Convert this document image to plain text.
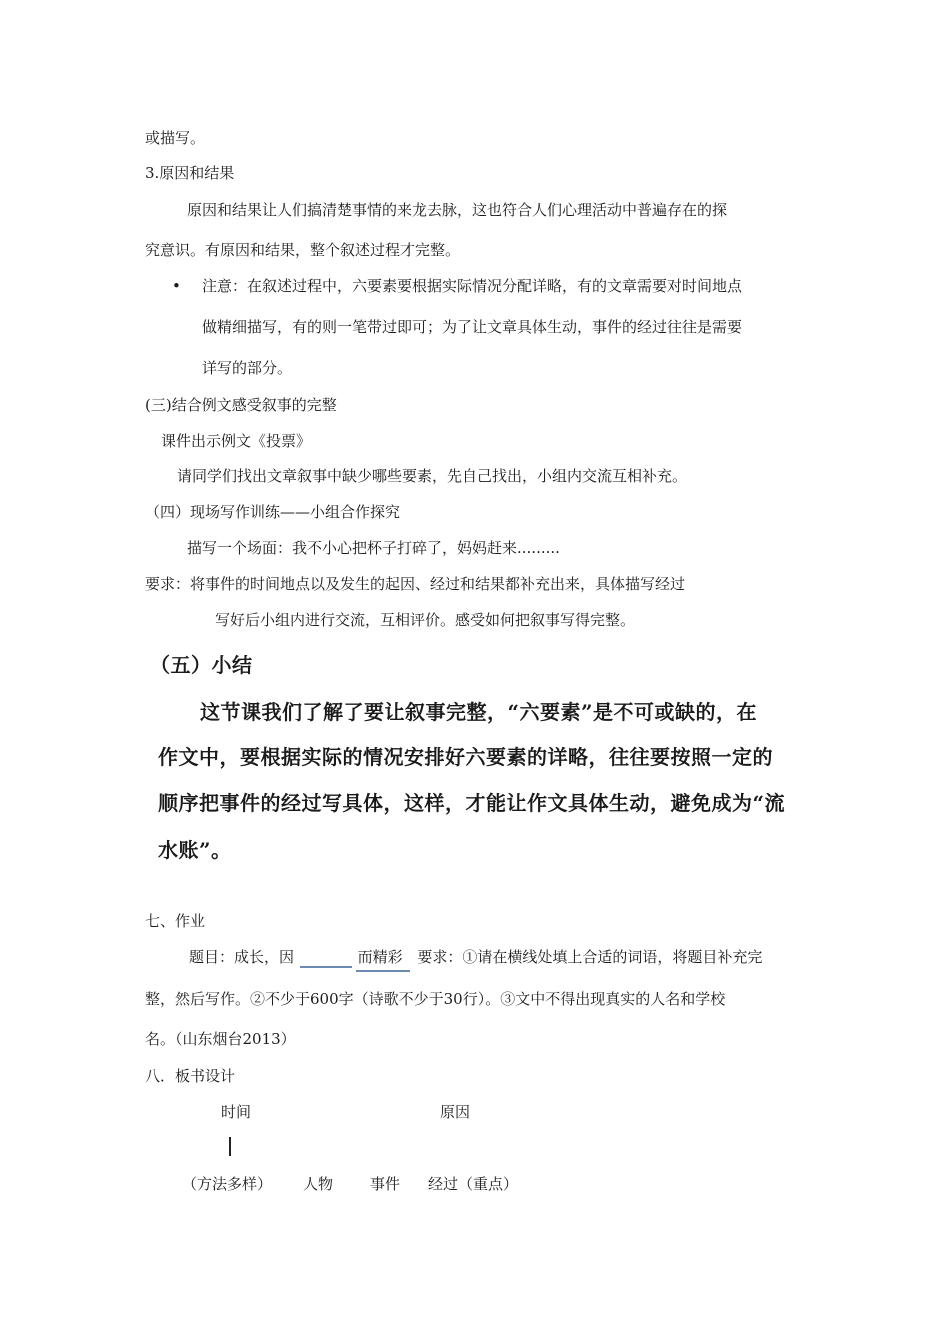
或描写。
3.原因和结果
原因和结果让人们搞清楚事情的来龙去脉，这也符合人们心理活动中普遍存在的探
究意识。有原因和结果，整个叙述过程才完整。
• 注意：在叙述过程中，六要素要根据实际情况分配详略，有的文章需要对时间地点
做精细描写，有的则一笔带过即可；为了让文章具体生动，事件的经过往往是需要
详写的部分。
(三)结合例文感受叙事的完整
课件出示例文《投票》
请同学们找出文章叙事中缺少哪些要素，先自己找出，小组内交流互相补充。
（四）现场写作训练——小组合作探究
描写一个场面：我不小心把杯子打碎了，妈妈赶来.........
要求：将事件的时间地点以及发生的起因、经过和结果都补充出来，具体描写经过
写好后小组内进行交流，互相评价。感受如何把叙事写得完整。
（五）小结
这节课我们了解了要让叙事完整，“六要素”是不可或缺的，在
作文中，要根据实际的情况安排好六要素的详略，往往要按照一定的
顺序把事件的经过写具体，这样，才能让作文具体生动，避免成为“流
水账”。
七、作业
题目：成长，因	而精彩 要求：①请在横线处填上合适的词语，将题目补充完
整，然后写作。②不少于600字（诗歌不少于30行）。③文中不得出现真实的人名和学校
名。（山东烟台2013）
八．板书设计
时间	原因
（方法多样） 人物 事件 经过（重点）
